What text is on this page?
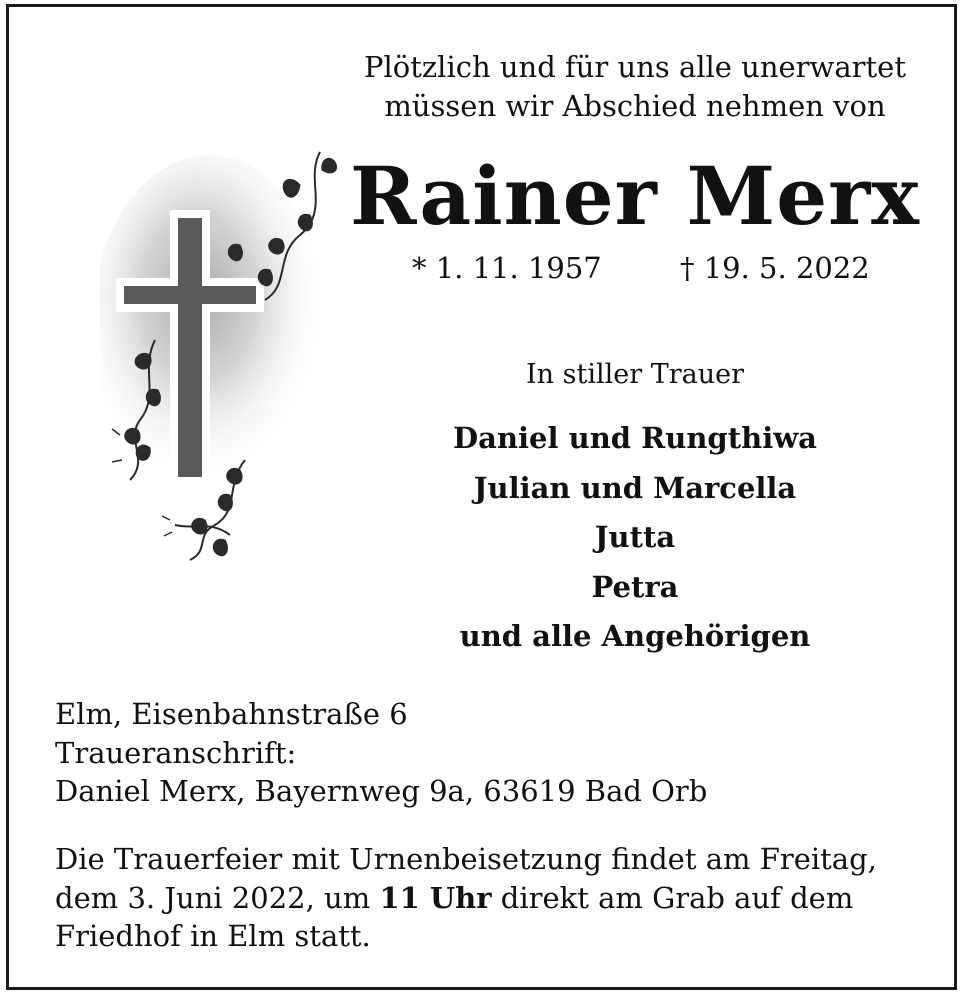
Plötzlich und für uns alle unerwartet
müssen wir Abschied nehmen von
Rainer Merx
* 1. 11. 1957	† 19. 5. 2022
In stiller Trauer
Daniel und Rungthiwa
Julian und Marcella
Jutta
Petra
und alle Angehörigen
Elm, Eisenbahnstraße 6
Traueranschrift:
Daniel Merx, Bayernweg 9a, 63619 Bad Orb
Die Trauerfeier mit Urnenbeisetzung findet am Freitag, dem 3. Juni 2022, um 11 Uhr direkt am Grab auf dem Friedhof in Elm statt.
